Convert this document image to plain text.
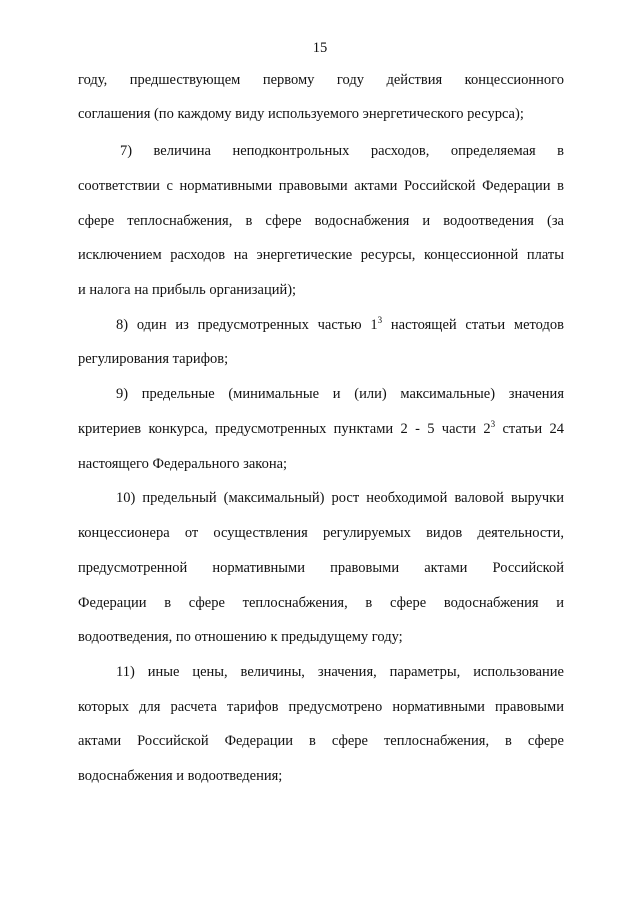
15
году, предшествующем первому году действия концессионного
соглашения (по каждому виду используемого энергетического ресурса);
7) величина неподконтрольных расходов, определяемая в
соответствии с нормативными правовыми актами Российской Федерации в
сфере теплоснабжения, в сфере водоснабжения и водоотведения (за
исключением расходов на энергетические ресурсы, концессионной платы
и налога на прибыль организаций);
8) один из предусмотренных частью $1^3$ настоящей статьи методов
регулирования тарифов;
9) предельные (минимальные и (или) максимальные) значения
критериев конкурса, предусмотренных пунктами 2 - 5 части $2^3$ статьи 24
настоящего Федерального закона;
10) предельный (максимальный) рост необходимой валовой выручки
концессионера от осуществления регулируемых видов деятельности,
предусмотренной нормативными правовыми актами Российской
Федерации в сфере теплоснабжения, в сфере водоснабжения и
водоотведения, по отношению к предыдущему году;
11) иные цены, величины, значения, параметры, использование
которых для расчета тарифов предусмотрено нормативными правовыми
актами Российской Федерации в сфере теплоснабжения, в сфере
водоснабжения и водоотведения;
